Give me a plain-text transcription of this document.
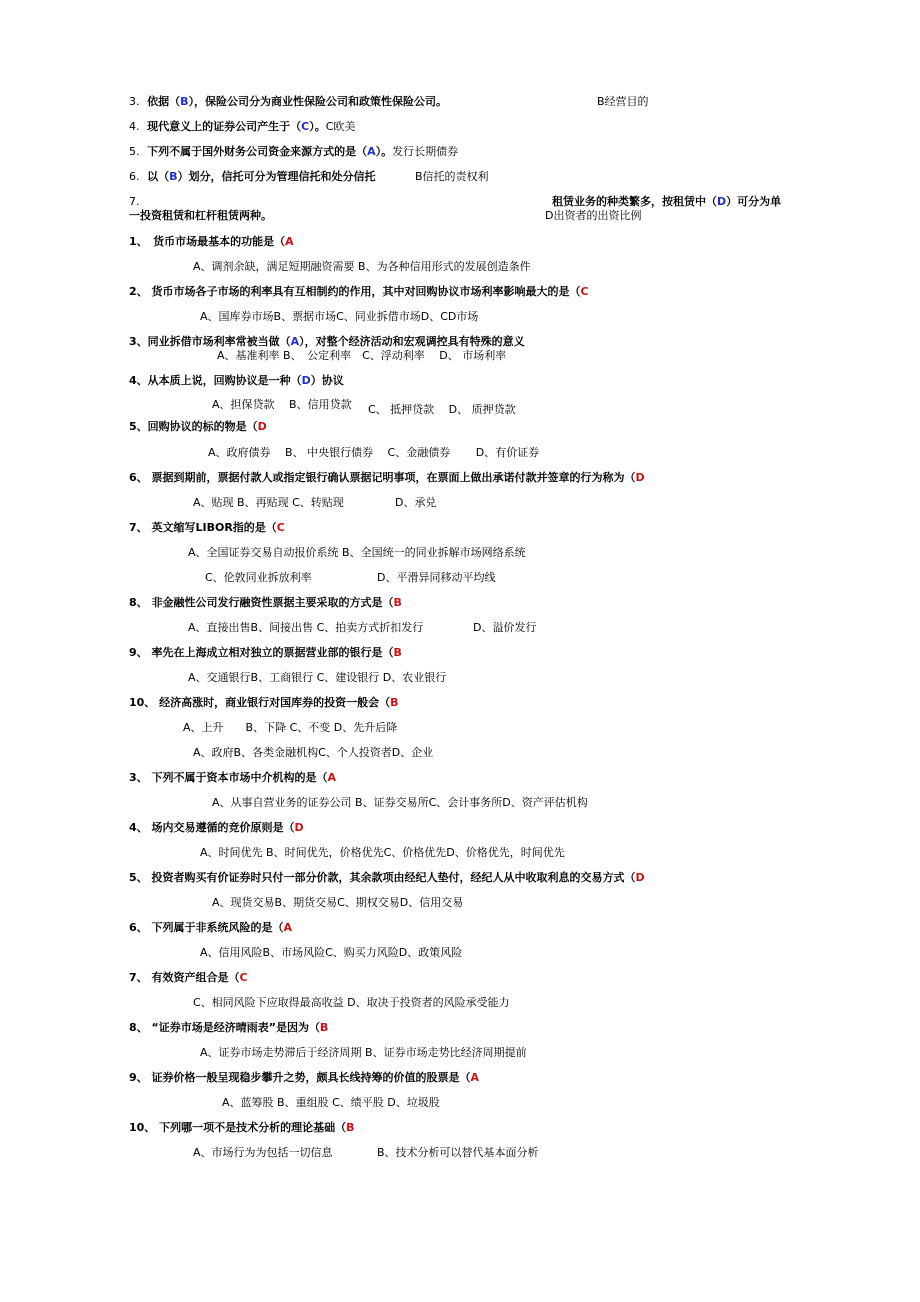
3. 依据（B），保险公司分为商业性保险公司和政策性保险公司。	B经营目的
4. 现代意义上的证券公司产生于（C）。C欧美
5. 下列不属于国外财务公司资金来源方式的是（A）。发行长期债券
6. 以（B）划分，信托可分为管理信托和处分信托	B信托的责权利
7.	租赁业务的种类繁多，按租赁中（D）可分为单
一投资租赁和杠杆租赁两种。	D出资者的出资比例
1、　货币市场最基本的功能是（A
A、调剂余缺，满足短期融资需要 B、为各种信用形式的发展创造条件
2、 货币市场各子市场的利率具有互相制约的作用，其中对回购协议市场利率影响最大的是（C
A、国库券市场B、票据市场C、同业拆借市场D、CD市场
3、同业拆借市场利率常被当做（A），对整个经济活动和宏观调控具有特殊的意义
A、基准利率 B、　公定利率　C、浮动利率　 D、 市场利率
4、从本质上说，回购协议是一种（D）协议
A、担保贷款　 B、信用贷款 C、 抵押贷款　 D、 质押贷款
5、回购协议的标的物是（D
A、政府债券　 B、 中央银行债券　 C、金融债券　　 D、有价证券
6、 票据到期前，票据付款人或指定银行确认票据记明事项，在票面上做出承诺付款并签章的行为称为（D
A、贴现 B、再贴现 C、转贴现	D、承兑
7、 英文缩写LIBOR指的是（C
A、全国证券交易自动报价系统 B、全国统一的同业拆解市场网络系统
C、伦敦同业拆放利率	D、平滑异同移动平均线
8、 非金融性公司发行融资性票据主要采取的方式是（B
A、直接出售B、间接出售 C、拍卖方式折扣发行	D、溢价发行
9、 率先在上海成立相对独立的票据营业部的银行是（B
A、交通银行B、工商银行 C、建设银行 D、农业银行
10、 经济高涨时，商业银行对国库券的投资一般会（B
A、上升　　B、下降 C、不变 D、先升后降
A、政府B、各类金融机构C、个人投资者D、企业
3、 下列不属于资本市场中介机构的是（A
A、从事自营业务的证券公司 B、证券交易所C、会计事务所D、资产评估机构
4、 场内交易遵循的竞价原则是（D
A、时间优先 B、时间优先，价格优先C、价格优先D、价格优先，时间优先
5、 投资者购买有价证券时只付一部分价款，其余款项由经纪人垫付，经纪人从中收取利息的交易方式（D
A、现货交易B、期货交易C、期权交易D、信用交易
6、 下列属于非系统风险的是（A
A、信用风险B、市场风险C、购买力风险D、政策风险
7、 有效资产组合是（C
C、相同风险下应取得最高收益 D、取决于投资者的风险承受能力
8、 “证券市场是经济晴雨表”是因为（B
A、证券市场走势滞后于经济周期 B、证券市场走势比经济周期提前
9、 证券价格一般呈现稳步攀升之势，颇具长线持筹的价值的股票是（A
A、蓝筹股 B、重组股 C、绩平股 D、垃圾股
10、 下列哪一项不是技术分析的理论基础（B
A、市场行为为包括一切信息	B、技术分析可以替代基本面分析
